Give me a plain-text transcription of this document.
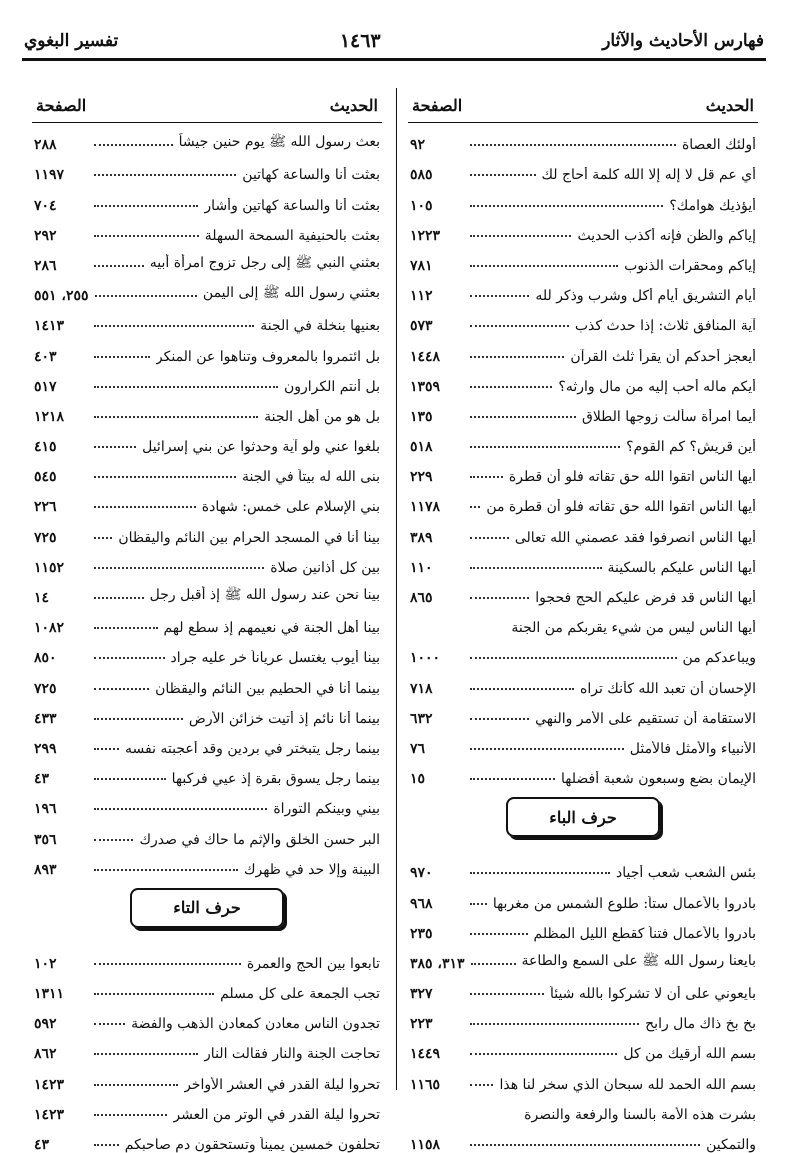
فهارس الأحاديث والآثار
١٤٦٣
تفسير البغوي
الحديث
الصفحة
أولئك العصاة
٩٢
أي عم قل لا إله إلا الله كلمة أحاج لك
٥٨٥
أيؤذيك هوامك؟
١٠٥
إياكم والظن فإنه أكذب الحديث
١٢٢٣
إياكم ومحقرات الذنوب
٧٨١
أيام التشريق أيام أكل وشرب وذكر لله
١١٢
آية المنافق ثلاث: إذا حدث كذب
٥٧٣
أيعجز أحدكم أن يقرأ ثلث القرآن
١٤٤٨
أيكم ماله أحب إليه من مال وارثه؟
١٣٥٩
أيما امرأة سألت زوجها الطلاق
١٣٥
أين قريش؟ كم القوم؟
٥١٨
أيها الناس اتقوا الله حق تقاته فلو أن قطرة
٢٢٩
أيها الناس اتقوا الله حق تقاته فلو أن قطرة من
١١٧٨
أيها الناس انصرفوا فقد عصمني الله تعالى
٣٨٩
أيها الناس عليكم بالسكينة
١١٠
أيها الناس قد فرض عليكم الحج فحجوا
٨٦٥
أيها الناس ليس من شيء يقربكم من الجنة
ويباعدكم من
١٠٠٠
الإحسان أن تعبد الله كأنك تراه
٧١٨
الاستقامة أن تستقيم على الأمر والنهي
٦٣٢
الأنبياء والأمثل فالأمثل
٧٦
الإيمان بضع وسبعون شعبة أفضلها
١٥
حرف الباء
بئس الشعب شعب أجياد
٩٧٠
بادروا بالأعمال ستاً: طلوع الشمس من مغربها
٩٦٨
بادروا بالأعمال فتناً كقطع الليل المظلم
٢٣٥
بايعنا رسول الله ﷺ على السمع والطاعة
٣١٣، ٣٨٥
بايعوني على أن لا تشركوا بالله شيئاً
٣٢٧
بخ بخ ذاك مال رابح
٢٢٣
بسم الله أرقيك من كل
١٤٤٩
بسم الله الحمد لله سبحان الذي سخر لنا هذا
١١٦٥
بشرت هذه الأمة بالسنا والرفعة والنصرة
والتمكين
١١٥٨
الحديث
الصفحة
بعث رسول الله ﷺ يوم حنين جيشاً
٢٨٨
بعثت أنا والساعة كهاتين
١١٩٧
بعثت أنا والساعة كهاتين وأشار
٧٠٤
بعثت بالحنيفية السمحة السهلة
٢٩٢
بعثني النبي ﷺ إلى رجل تزوج امرأة أبيه
٢٨٦
بعثني رسول الله ﷺ إلى اليمن
٢٥٥، ٥٥١
بعنيها بنخلة في الجنة
١٤١٣
بل ائتمروا بالمعروف وتناهوا عن المنكر
٤٠٣
بل أنتم الكرارون
٥١٧
بل هو من أهل الجنة
١٢١٨
بلغوا عني ولو آية وحدثوا عن بني إسرائيل
٤١٥
بنى الله له بيتاً في الجنة
٥٤٥
بني الإسلام على خمس: شهادة
٢٢٦
بينا أنا في المسجد الحرام بين النائم واليقظان
٧٢٥
بين كل أذانين صلاة
١١٥٢
بينا نحن عند رسول الله ﷺ إذ أقبل رجل
١٤
بينا أهل الجنة في نعيمهم إذ سطع لهم
١٠٨٢
بينا أيوب يغتسل عرياناً خر عليه جراد
٨٥٠
بينما أنا في الحطيم بين النائم واليقظان
٧٢٥
بينما أنا نائم إذ أتيت خزائن الأرض
٤٣٣
بينما رجل يتبختر في بردين وقد أعجبته نفسه
٢٩٩
بينما رجل يسوق بقرة إذ عيي فركبها
٤٣
بيني وبينكم التوراة
١٩٦
البر حسن الخلق والإثم ما حاك في صدرك
٣٥٦
البينة وإلا حد في ظهرك
٨٩٣
حرف التاء
تابعوا بين الحج والعمرة
١٠٢
تجب الجمعة على كل مسلم
١٣١١
تجدون الناس معادن كمعادن الذهب والفضة
٥٩٢
تحاجت الجنة والنار فقالت النار
٨٦٢
تحروا ليلة القدر في العشر الأواخر
١٤٢٣
تحروا ليلة القدر في الوتر من العشر
١٤٢٣
تحلفون خمسين يميناً وتستحقون دم صاحبكم
٤٣
